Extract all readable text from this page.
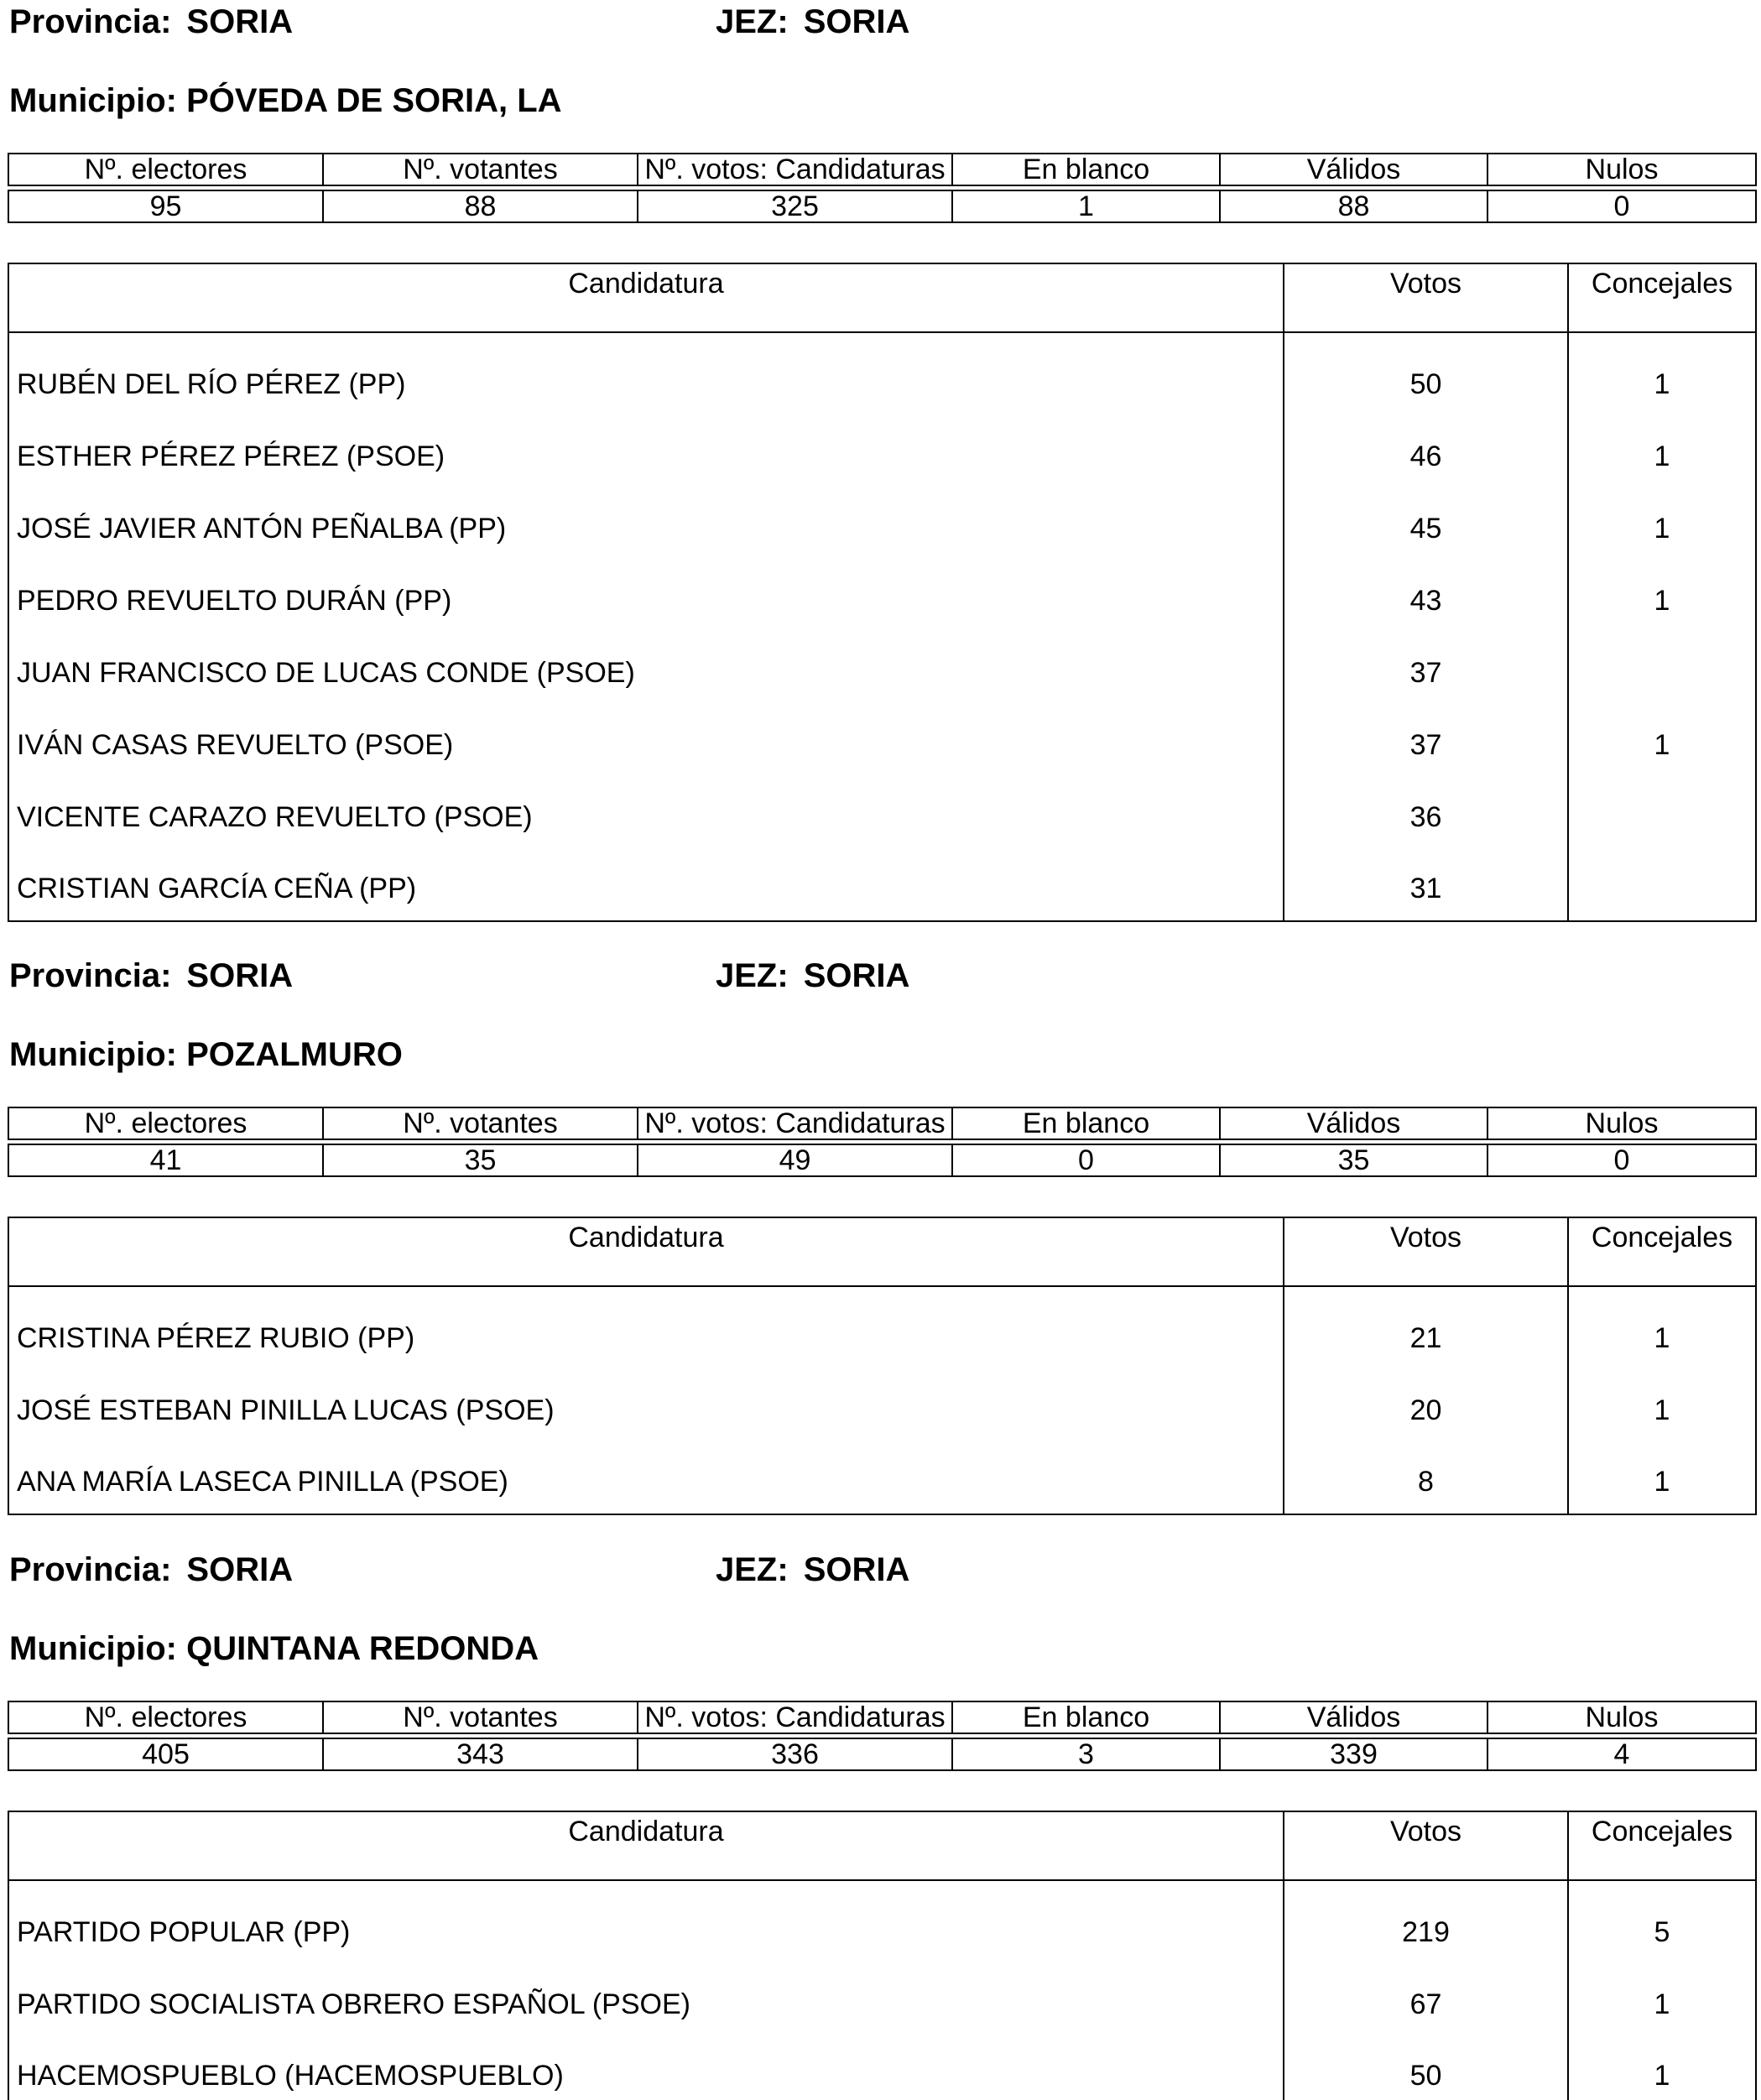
Provincia: SORIA	JEZ: SORIA
Municipio: PÓVEDA DE SORIA, LA
Nº. electores	Nº. votantes	Nº. votos: Candidaturas	En blanco	Válidos	Nulos

95	88	325	1	88	0
Candidatura	Votos	Concejales
RUBÉN DEL RÍO PÉREZ (PP)	50	1
ESTHER PÉREZ PÉREZ (PSOE)	46	1
JOSÉ JAVIER ANTÓN PEÑALBA (PP)	45	1
PEDRO REVUELTO DURÁN (PP)	43	1
JUAN FRANCISCO DE LUCAS CONDE (PSOE)	37	
IVÁN CASAS REVUELTO (PSOE)	37	1
VICENTE CARAZO REVUELTO (PSOE)	36	
CRISTIAN GARCÍA CEÑA (PP)	31	
Provincia: SORIA	JEZ: SORIA
Municipio: POZALMURO
Nº. electores	Nº. votantes	Nº. votos: Candidaturas	En blanco	Válidos	Nulos

41	35	49	0	35	0
Candidatura	Votos	Concejales
CRISTINA PÉREZ RUBIO (PP)	21	1
JOSÉ ESTEBAN PINILLA LUCAS (PSOE)	20	1
ANA MARÍA LASECA PINILLA (PSOE)	8	1
Provincia: SORIA	JEZ: SORIA
Municipio: QUINTANA REDONDA
Nº. electores	Nº. votantes	Nº. votos: Candidaturas	En blanco	Válidos	Nulos

405	343	336	3	339	4
Candidatura	Votos	Concejales
PARTIDO POPULAR (PP)	219	5
PARTIDO SOCIALISTA OBRERO ESPAÑOL (PSOE)	67	1
HACEMOSPUEBLO (HACEMOSPUEBLO)	50	1
